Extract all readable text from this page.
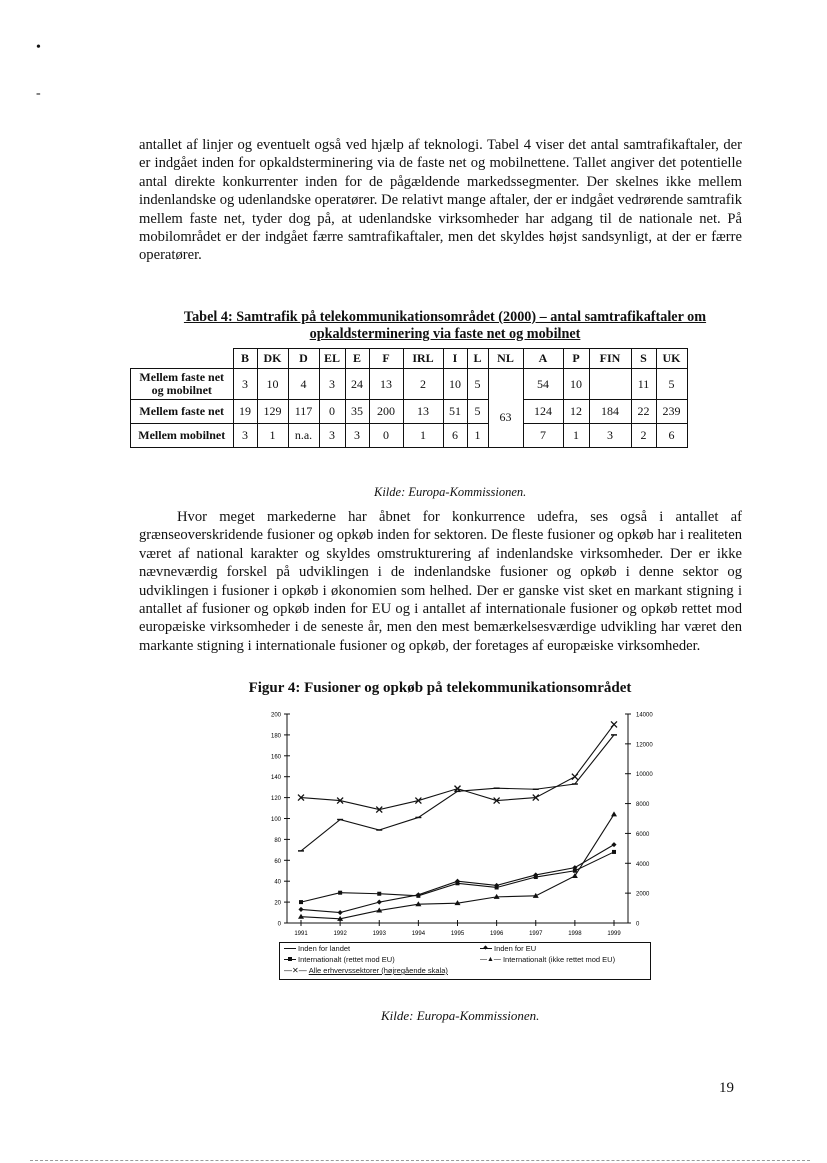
•
-

antallet af linjer og eventuelt også ved hjælp af teknologi. Tabel 4 viser det antal samtrafikaftaler, der er indgået inden for opkaldsterminering via de faste net og mobilnettene. Tallet angiver det potentielle antal direkte konkurrenter inden for de pågældende markedssegmenter. Der skelnes ikke mellem indenlandske og udenlandske operatører. De relativt mange aftaler, der er indgået vedrørende samtrafik mellem faste net, tyder dog på, at udenlandske virksomheder har adgang til de nationale net. På mobilområdet er der indgået færre samtrafikaftaler, men det skyldes højst sandsynligt, at der er færre operatører.

Tabel 4: Samtrafik på telekommunikationsområdet (2000) – antal samtrafikaftaler om opkaldsterminering via faste net og mobilnet
	B	DK	D	EL	E	F	IRL	I	L	NL	A	P	FIN	S	UK
Mellem faste net og mobilnet	3	10	4	3	24	13	2	10	5	63	54	10		11	5
Mellem faste net	19	129	117	0	35	200	13	51	5		124	12	184	22	239
Mellem mobilnet	3	1	n.a.	3	3	0	1	6	1		7	1	3	2	6
Kilde: Europa-Kommissionen.

Hvor meget markederne har åbnet for konkurrence udefra, ses også i antallet af grænseoverskridende fusioner og opkøb inden for sektoren. De fleste fusioner og opkøb har i realiteten været af national karakter og skyldes omstrukturering af indenlandske virksomheder. Der er ikke nævneværdig forskel på udviklingen i de indenlandske fusioner og opkøb i denne sektor og udviklingen i fusioner i opkøb i økonomien som helhed. Der er ganske vist sket en markant stigning i antallet af fusioner og opkøb inden for EU og i antallet af internationale fusioner og opkøb rettet mod europæiske virksomheder i de seneste år, men den mest bemærkelsesværdige udvikling har været den markante stigning i internationale fusioner og opkøb, der foretages af europæiske virksomheder.

Figur 4: Fusioner og opkøb på telekommunikationsområdet
0
20
40
60
80
100
120
140
160
180
200
0
2000
4000
6000
8000
10000
12000
14000
1991	1992	1993	1994	1995	1996	1997	1998	1999
Inden for landet
Internationalt (rettet mod EU)
—✕— Alle erhvervssektorer (højregående skala)
Inden for EU
—▲— Internationalt (ikke rettet mod EU)
Kilde: Europa-Kommissionen.
19
